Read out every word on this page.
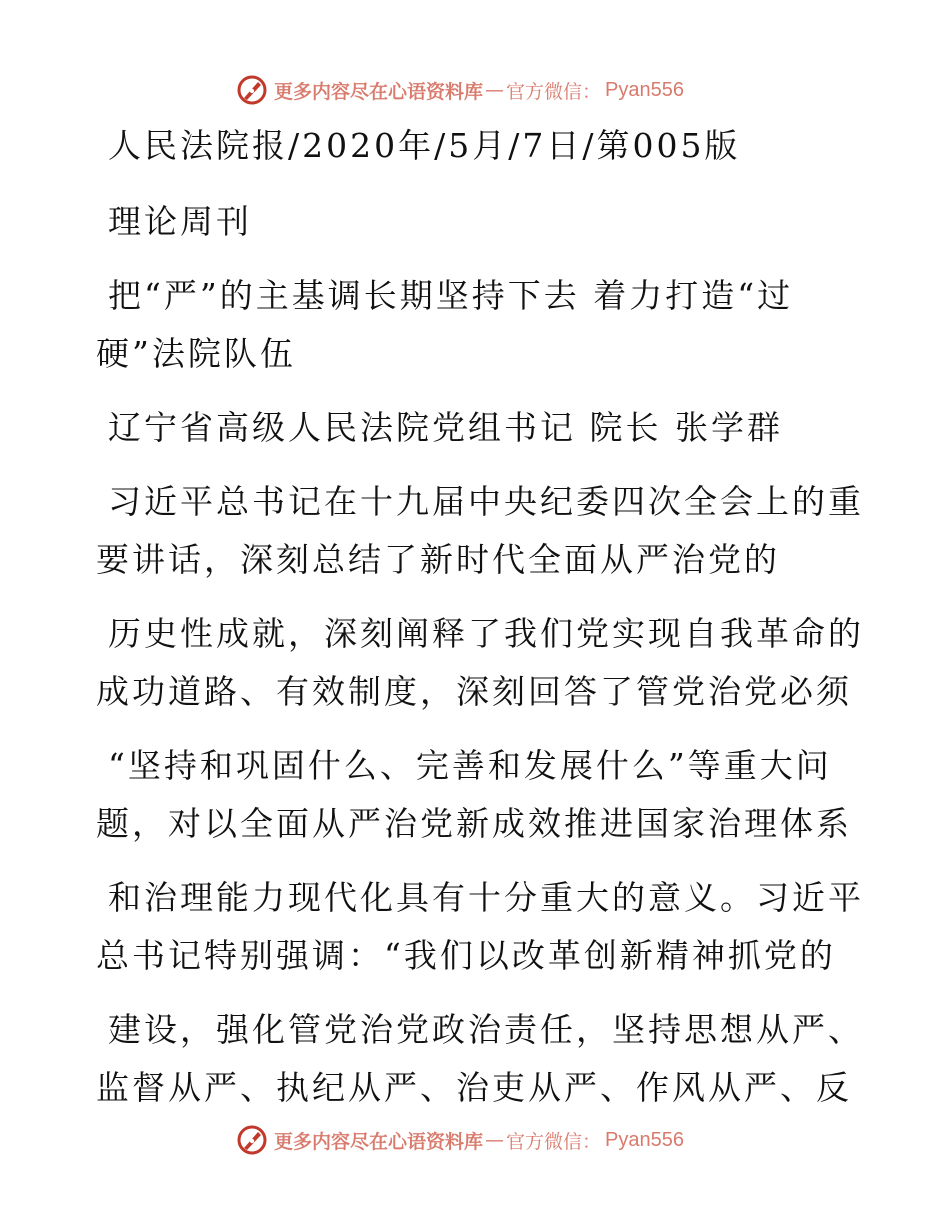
更多内容尽在心语资料库 — 官方微信： Pyan556
人民法院报/2020年/5月/7日/第005版
理论周刊
把“严”的主基调长期坚持下去 着力打造“过
硬”法院队伍
辽宁省高级人民法院党组书记 院长 张学群
习近平总书记在十九届中央纪委四次全会上的重
要讲话，深刻总结了新时代全面从严治党的
历史性成就，深刻阐释了我们党实现自我革命的
成功道路、有效制度，深刻回答了管党治党必须
“坚持和巩固什么、完善和发展什么”等重大问
题，对以全面从严治党新成效推进国家治理体系
和治理能力现代化具有十分重大的意义。习近平
总书记特别强调：“我们以改革创新精神抓党的
建设，强化管党治党政治责任，坚持思想从严、
监督从严、执纪从严、治吏从严、作风从严、反
更多内容尽在心语资料库 — 官方微信： Pyan556
